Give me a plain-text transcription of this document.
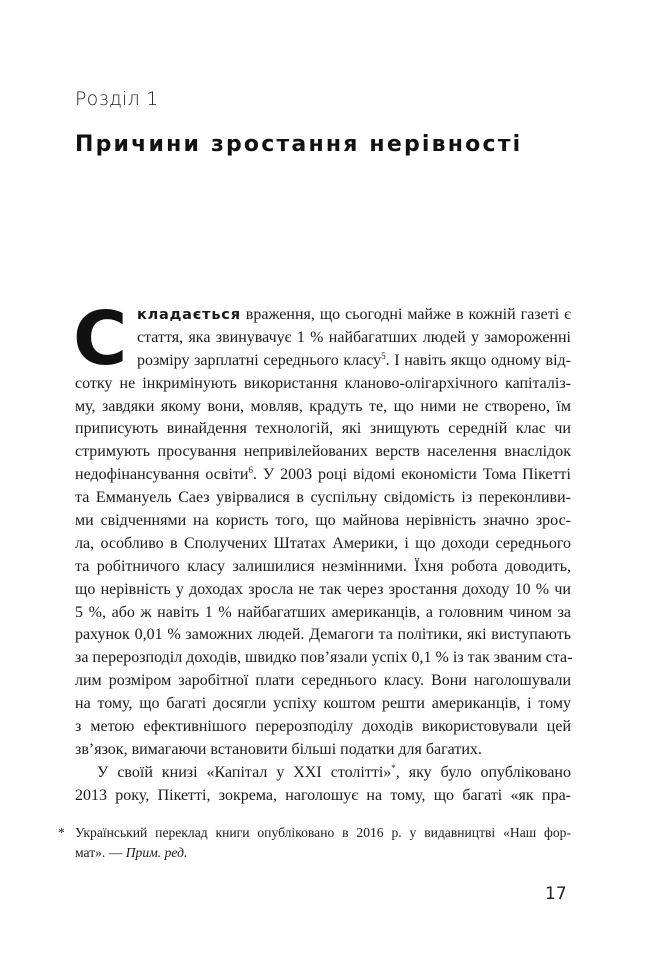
Розділ 1
Причини зростання нерівності
С кладається враження, що сьогодні майже в кожній газеті є
стаття, яка звинувачує 1 % найбагатших людей у замороженні
розміру зарплатні середнього класу$^5$. І навіть якщо одному від-
сотку не інкримінують використання кланово-олігархічного капіталіз-
му, завдяки якому вони, мовляв, крадуть те, що ними не створено, їм
приписують винайдення технологій, які знищують середній клас чи
стримують просування непривілейованих верств населення внаслідок
недофінансування освіти$^6$. У 2003 році відомі економісти Тома Пікетті
та Еммануель Саез увірвалися в суспільну свідомість із переконливи-
ми свідченнями на користь того, що майнова нерівність значно зрос-
ла, особливо в Сполучених Штатах Америки, і що доходи середнього
та робітничого класу залишилися незмінними. Їхня робота доводить,
що нерівність у доходах зросла не так через зростання доходу 10 % чи
5 %, або ж навіть 1 % найбагатших американців, а головним чином за
рахунок 0,01 % заможних людей. Демагоги та політики, які виступають
за перерозподіл доходів, швидко пов’язали успіх 0,1 % із так званим ста-
лим розміром заробітної плати середнього класу. Вони наголошували
на тому, що багаті досягли успіху коштом решти американців, і тому
з метою ефективнішого перерозподілу доходів використовували цей
зв’язок, вимагаючи встановити більші податки для багатих.
У своїй книзі «Капітал у XXI столітті»*, яку було опубліковано
2013 року, Пікетті, зокрема, наголошує на тому, що багаті «як пра-
* Український переклад книги опубліковано в 2016 р. у видавництві «Наш фор-
мат». — Прим. ред.
17
